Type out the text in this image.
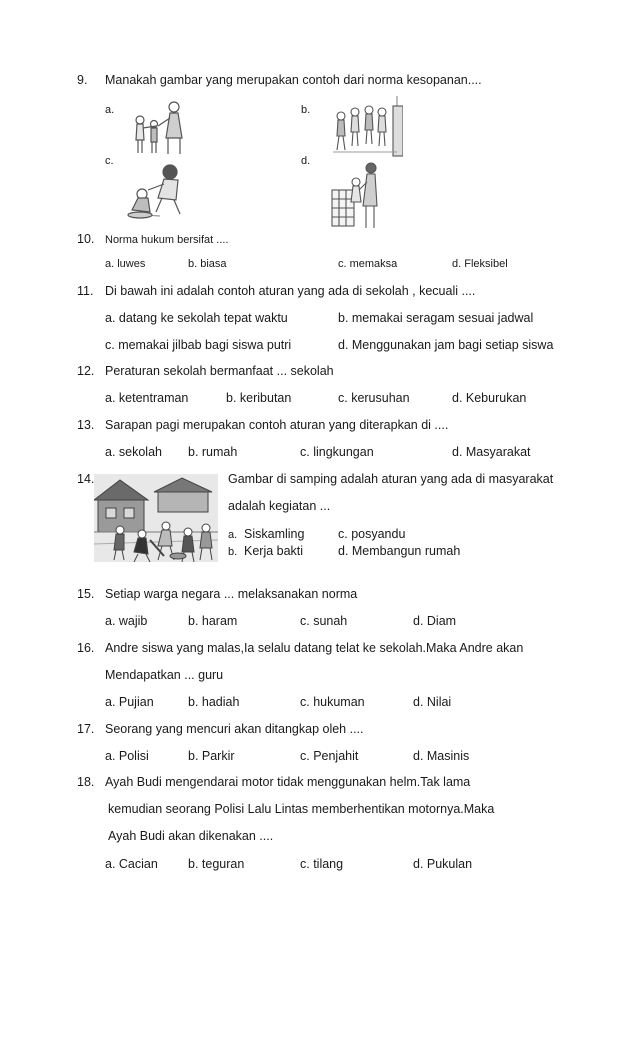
9. Manakah gambar yang merupakan contoh dari norma kesopanan....
a.	b.
c.	d.
10. Norma hukum bersifat ....
a. luwes	b. biasa	c. memaksa	d. Fleksibel
11. Di bawah ini adalah contoh aturan yang ada di sekolah , kecuali ....
a. datang ke sekolah tepat waktu	b. memakai seragam sesuai jadwal
c. memakai jilbab bagi siswa putri	d. Menggunakan jam bagi setiap siswa
12. Peraturan sekolah bermanfaat ... sekolah
a. ketentraman	b. keributan	c. kerusuhan	d. Keburukan
13. Sarapan pagi merupakan contoh aturan yang diterapkan di ....
a. sekolah b. rumah	c. lingkungan	d. Masyarakat
14.	Gambar di samping adalah aturan yang ada di masyarakat
adalah kegiatan ...
a. Siskamling
b. Kerja bakti
c. posyandu
d. Membangun rumah
15. Setiap warga negara ... melaksanakan norma
a. wajib	b. haram	c. sunah	d. Diam
16. Andre siswa yang malas,Ia selalu datang telat ke sekolah.Maka Andre akan
Mendapatkan ... guru
a. Pujian	b. hadiah	c. hukuman	d. Nilai
17. Seorang yang mencuri akan ditangkap oleh ....
a. Polisi	b. Parkir	c. Penjahit	d. Masinis
18. Ayah Budi mengendarai motor tidak menggunakan helm.Tak lama
kemudian seorang Polisi Lalu Lintas memberhentikan motornya.Maka
Ayah Budi akan dikenakan ....
a. Cacian b. teguran	c. tilang	d. Pukulan
